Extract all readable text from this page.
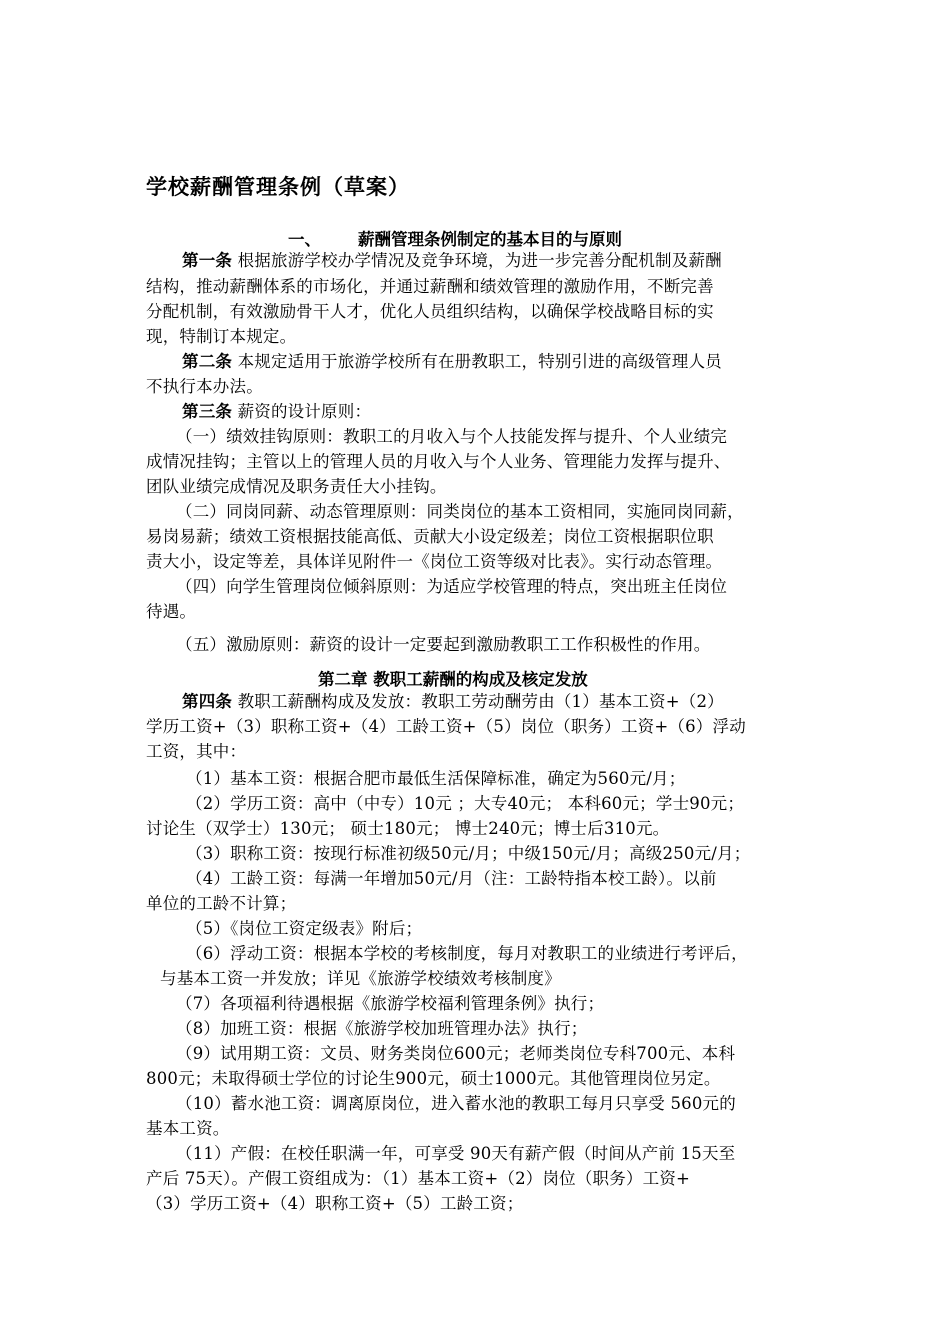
学校薪酬管理条例（草案）
一、 薪酬管理条例制定的基本目的与原则
第一条 根据旅游学校办学情况及竞争环境，为进一步完善分配机制及薪酬
结构，推动薪酬体系的市场化，并通过薪酬和绩效管理的激励作用，不断完善
分配机制，有效激励骨干人才，优化人员组织结构，以确保学校战略目标的实
现，特制订本规定。
第二条 本规定适用于旅游学校所有在册教职工，特别引进的高级管理人员
不执行本办法。
第三条 薪资的设计原则：
（一）绩效挂钩原则：教职工的月收入与个人技能发挥与提升、个人业绩完
成情况挂钩；主管以上的管理人员的月收入与个人业务、管理能力发挥与提升、
团队业绩完成情况及职务责任大小挂钩。
（二）同岗同薪、动态管理原则：同类岗位的基本工资相同，实施同岗同薪，
易岗易薪；绩效工资根据技能高低、贡献大小设定级差；岗位工资根据职位职
责大小，设定等差，具体详见附件一《岗位工资等级对比表》。实行动态管理。
（四）向学生管理岗位倾斜原则：为适应学校管理的特点，突出班主任岗位
待遇。
（五）激励原则：薪资的设计一定要起到激励教职工工作积极性的作用。
第二章 教职工薪酬的构成及核定发放
第四条 教职工薪酬构成及发放：教职工劳动酬劳由（1）基本工资+（2）
学历工资+（3）职称工资+（4）工龄工资+（5）岗位（职务）工资+（6）浮动
工资，其中：
（1）基本工资：根据合肥市最低生活保障标准，确定为560元/月；
（2）学历工资：高中（中专）10元 ；大专40元； 本科60元；学士90元；
讨论生（双学士）130元； 硕士180元； 博士240元；博士后310元。
（3）职称工资：按现行标准初级50元/月；中级150元/月；高级250元/月；
（4）工龄工资：每满一年增加50元/月（注：工龄特指本校工龄）。以前
单位的工龄不计算；
（5）《岗位工资定级表》附后；
（6）浮动工资：根据本学校的考核制度，每月对教职工的业绩进行考评后，
与基本工资一并发放；详见《旅游学校绩效考核制度》
（7）各项福利待遇根据《旅游学校福利管理条例》执行；
（8）加班工资：根据《旅游学校加班管理办法》执行；
（9）试用期工资：文员、财务类岗位600元；老师类岗位专科700元、本科
800元；未取得硕士学位的讨论生900元，硕士1000元。其他管理岗位另定。
（10）蓄水池工资：调离原岗位，进入蓄水池的教职工每月只享受 560元的
基本工资。
（11）产假：在校任职满一年，可享受 90天有薪产假（时间从产前 15天至
产后 75天）。产假工资组成为：（1）基本工资+（2）岗位（职务）工资+
（3）学历工资+（4）职称工资+（5）工龄工资；
